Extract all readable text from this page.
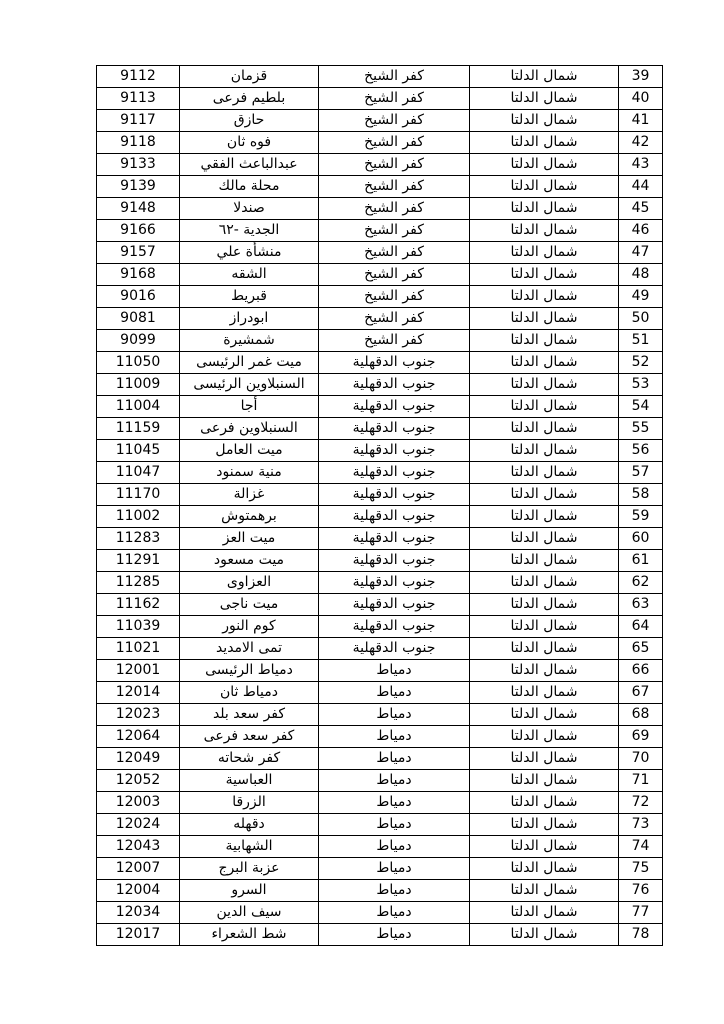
9112	قزمان	كفر الشيخ	شمال الدلتا	39
9113	بلطيم فرعى	كفر الشيخ	شمال الدلتا	40
9117	حازق	كفر الشيخ	شمال الدلتا	41
9118	فوه ثان	كفر الشيخ	شمال الدلتا	42
9133	عبدالباعث الفقي	كفر الشيخ	شمال الدلتا	43
9139	محلة مالك	كفر الشيخ	شمال الدلتا	44
9148	صندلا	كفر الشيخ	شمال الدلتا	45
9166	الجدية -٦٢	كفر الشيخ	شمال الدلتا	46
9157	منشأة علي	كفر الشيخ	شمال الدلتا	47
9168	الشقه	كفر الشيخ	شمال الدلتا	48
9016	قبريط	كفر الشيخ	شمال الدلتا	49
9081	ابودراز	كفر الشيخ	شمال الدلتا	50
9099	شمشيرة	كفر الشيخ	شمال الدلتا	51
11050	ميت غمر الرئيسى	جنوب الدقهلية	شمال الدلتا	52
11009	السنبلاوين الرئيسى	جنوب الدقهلية	شمال الدلتا	53
11004	أجا	جنوب الدقهلية	شمال الدلتا	54
11159	السنبلاوين فرعى	جنوب الدقهلية	شمال الدلتا	55
11045	ميت العامل	جنوب الدقهلية	شمال الدلتا	56
11047	منية سمنود	جنوب الدقهلية	شمال الدلتا	57
11170	غزالة	جنوب الدقهلية	شمال الدلتا	58
11002	برهمتوش	جنوب الدقهلية	شمال الدلتا	59
11283	ميت العز	جنوب الدقهلية	شمال الدلتا	60
11291	ميت مسعود	جنوب الدقهلية	شمال الدلتا	61
11285	العزاوى	جنوب الدقهلية	شمال الدلتا	62
11162	ميت ناجى	جنوب الدقهلية	شمال الدلتا	63
11039	كوم النور	جنوب الدقهلية	شمال الدلتا	64
11021	تمى الامديد	جنوب الدقهلية	شمال الدلتا	65
12001	دمياط الرئيسى	دمياط	شمال الدلتا	66
12014	دمياط ثان	دمياط	شمال الدلتا	67
12023	كفر سعد بلد	دمياط	شمال الدلتا	68
12064	كفر سعد فرعى	دمياط	شمال الدلتا	69
12049	كفر شحاته	دمياط	شمال الدلتا	70
12052	العباسية	دمياط	شمال الدلتا	71
12003	الزرقا	دمياط	شمال الدلتا	72
12024	دقهله	دمياط	شمال الدلتا	73
12043	الشهابية	دمياط	شمال الدلتا	74
12007	عزبة البرج	دمياط	شمال الدلتا	75
12004	السرو	دمياط	شمال الدلتا	76
12034	سيف الدين	دمياط	شمال الدلتا	77
12017	شط الشعراء	دمياط	شمال الدلتا	78
